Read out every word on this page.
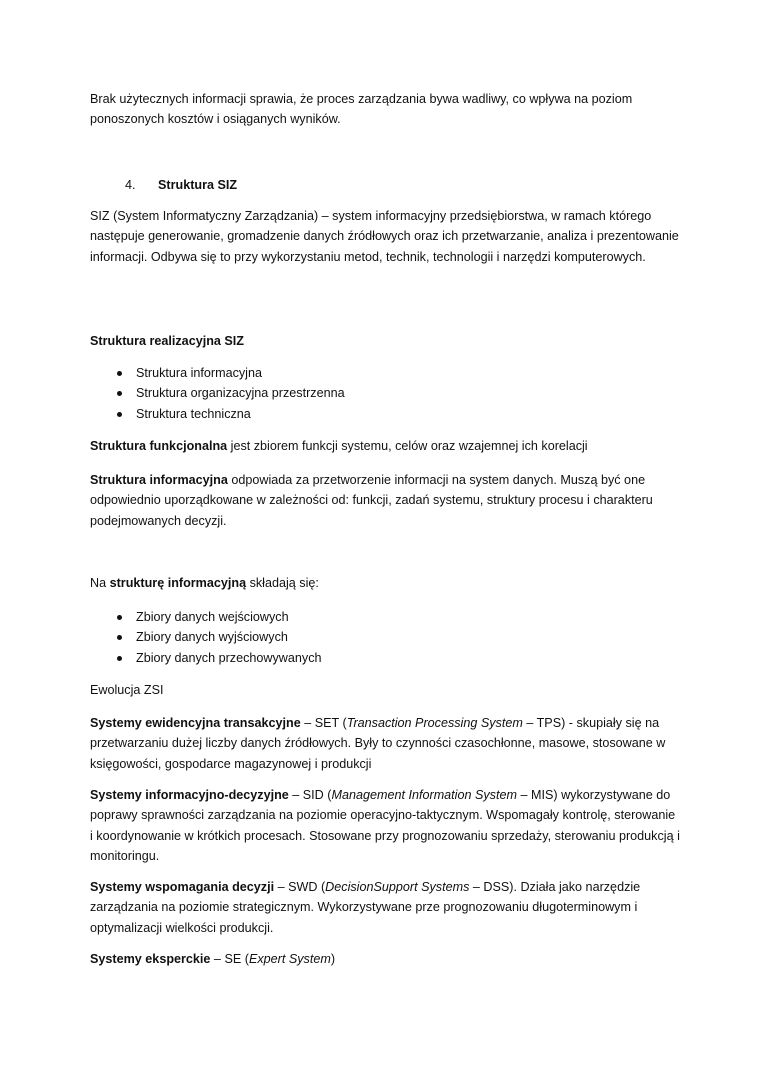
Brak użytecznych informacji sprawia, że proces zarządzania bywa wadliwy, co wpływa na poziom ponoszonych kosztów i osiąganych wyników.

4. Struktura SIZ

SIZ (System Informatyczny Zarządzania) – system informacyjny przedsiębiorstwa, w ramach którego następuje generowanie, gromadzenie danych źródłowych oraz ich przetwarzanie, analiza i prezentowanie informacji. Odbywa się to przy wykorzystaniu metod, technik, technologii i narzędzi komputerowych.

Struktura realizacyjna SIZ

Struktura informacyjna
Struktura organizacyjna przestrzenna
Struktura techniczna

Struktura funkcjonalna jest zbiorem funkcji systemu, celów oraz wzajemnej ich korelacji

Struktura informacyjna odpowiada za przetworzenie informacji na system danych. Muszą być one odpowiednio uporządkowane w zależności od: funkcji, zadań systemu, struktury procesu i charakteru podejmowanych decyzji.

Na strukturę informacyjną składają się:

Zbiory danych wejściowych
Zbiory danych wyjściowych
Zbiory danych przechowywanych

Ewolucja ZSI

Systemy ewidencyjna transakcyjne – SET (Transaction Processing System – TPS) - skupiały się na przetwarzaniu dużej liczby danych źródłowych. Były to czynności czasochłonne, masowe, stosowane w księgowości, gospodarce magazynowej i produkcji

Systemy informacyjno-decyzyjne – SID (Management Information System – MIS) wykorzystywane do poprawy sprawności zarządzania na poziomie operacyjno-taktycznym. Wspomagały kontrolę, sterowanie i koordynowanie w krótkich procesach. Stosowane przy prognozowaniu sprzedaży, sterowaniu produkcją i monitoringu.

Systemy wspomagania decyzji – SWD (DecisionSupport Systems – DSS). Działa jako narzędzie zarządzania na poziomie strategicznym. Wykorzystywane prze prognozowaniu długoterminowym i optymalizacji wielkości produkcji.

Systemy eksperckie – SE (Expert System)
